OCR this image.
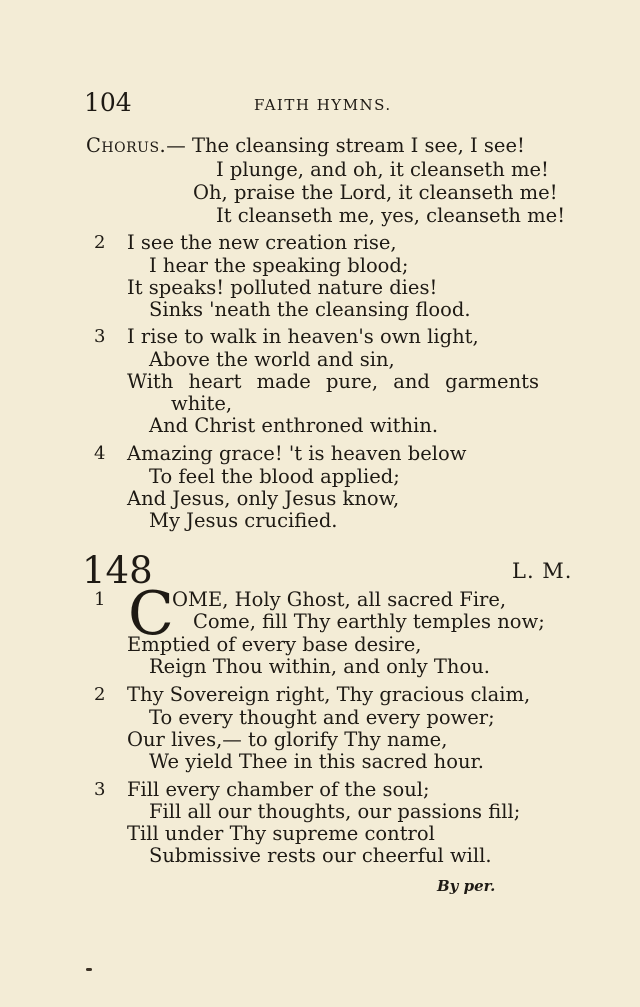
104	FAITH HYMNS.
Chorus.— The cleansing stream I see, I see!
I plunge, and oh, it cleanseth me!
Oh, praise the Lord, it cleanseth me!
It cleanseth me, yes, cleanseth me!
2 I see the new creation rise,
I hear the speaking blood;
It speaks! polluted nature dies!
Sinks 'neath the cleansing flood.
3 I rise to walk in heaven's own light,
Above the world and sin,
With heart made pure, and garments
white,
And Christ enthroned within.
4 Amazing grace! 't is heaven below
To feel the blood applied;
And Jesus, only Jesus know,
My Jesus crucified.
148	L. M.
1 C
OME, Holy Ghost, all sacred Fire,
Come, fill Thy earthly temples now;
Emptied of every base desire,
Reign Thou within, and only Thou.
2 Thy Sovereign right, Thy gracious claim,
To every thought and every power;
Our lives,— to glorify Thy name,
We yield Thee in this sacred hour.
3 Fill every chamber of the soul;
Fill all our thoughts, our passions fill;
Till under Thy supreme control
Submissive rests our cheerful will.
By per.
